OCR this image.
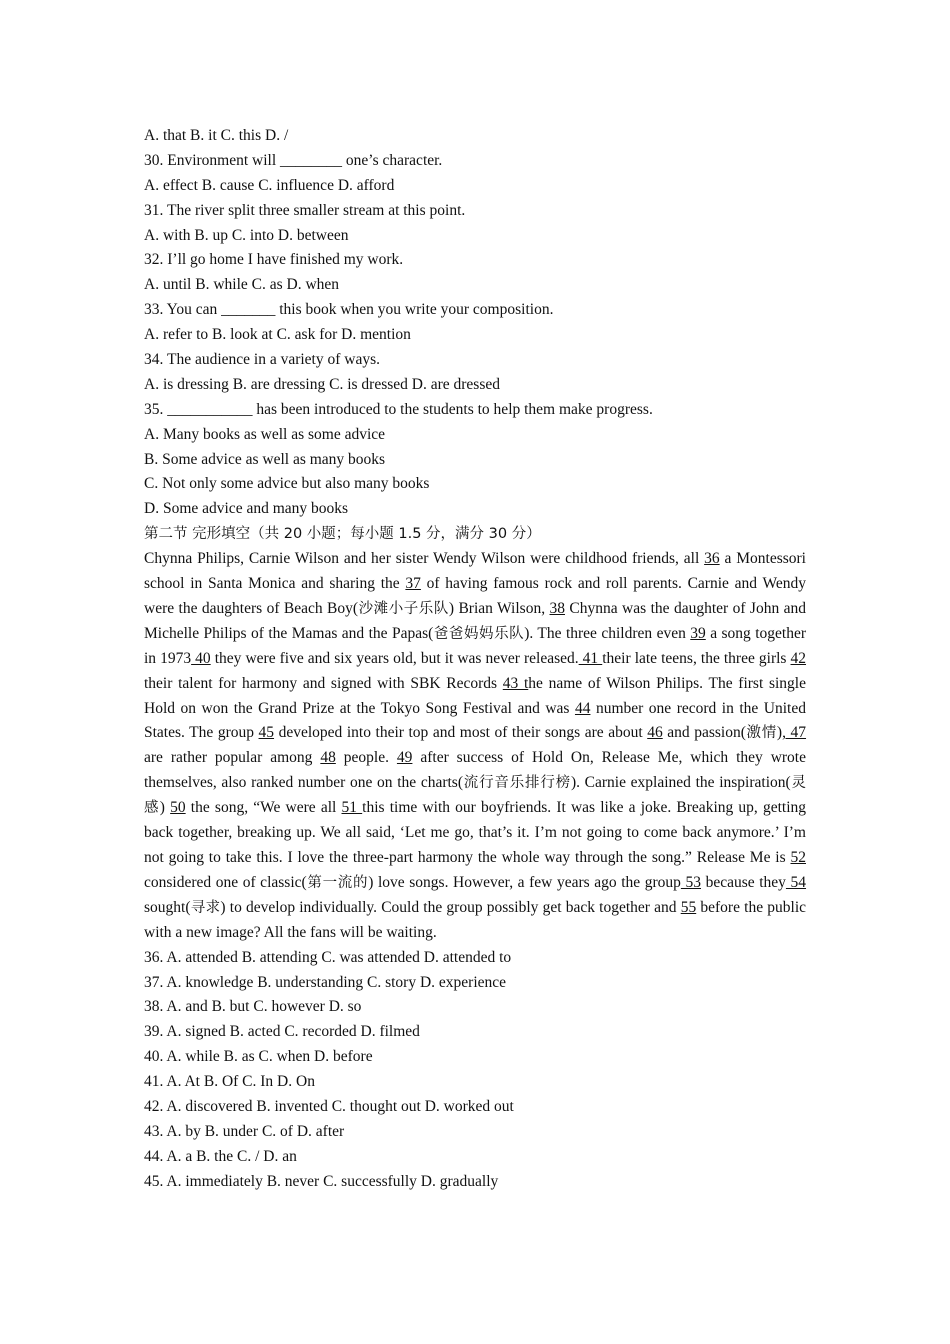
A. that B. it C. this D. /
30. Environment will ________ one’s character.
A. effect B. cause C. influence D. afford
31. The river split three smaller stream at this point.
A. with B. up C. into D. between
32. I’ll go home I have finished my work.
A. until B. while C. as D. when
33. You can _______ this book when you write your composition.
A. refer to B. look at C. ask for D. mention
34. The audience in a variety of ways.
A. is dressing B. are dressing C. is dressed D. are dressed
35. ___________ has been introduced to the students to help them make progress.
A. Many books as well as some advice
B. Some advice as well as many books
C. Not only some advice but also many books
D. Some advice and many books
第二节 完形填空（共 20 小题；每小题 1.5 分，满分 30 分）
Chynna Philips, Carnie Wilson and her sister Wendy Wilson were childhood friends, all 36 a Montessori school in Santa Monica and sharing the 37 of having famous rock and roll parents. Carnie and Wendy were the daughters of Beach Boy(沙滩小子乐队) Brian Wilson, 38 Chynna was the daughter of John and Michelle Philips of the Mamas and the Papas(爸爸妈妈乐队). The three children even 39 a song together in 1973 40 they were five and six years old, but it was never released. 41 their late teens, the three girls 42 their talent for harmony and signed with SBK Records 43 the name of Wilson Philips. The first single Hold on won the Grand Prize at the Tokyo Song Festival and was 44 number one record in the United States. The group 45 developed into their top and most of their songs are about 46 and passion(激情), 47 are rather popular among 48 people. 49 after success of Hold On, Release Me, which they wrote themselves, also ranked number one on the charts(流行音乐排行榜). Carnie explained the inspiration(灵感) 50 the song, “We were all 51 this time with our boyfriends. It was like a joke. Breaking up, getting back together, breaking up. We all said, ‘Let me go, that’s it. I’m not going to come back anymore.’ I’m not going to take this. I love the three-part harmony the whole way through the song.” Release Me is 52 considered one of classic(第一流的) love songs. However, a few years ago the group 53 because they 54 sought(寻求) to develop individually. Could the group possibly get back together and 55 before the public with a new image? All the fans will be waiting.
36. A. attended B. attending C. was attended D. attended to
37. A. knowledge B. understanding C. story D. experience
38. A. and B. but C. however D. so
39. A. signed B. acted C. recorded D. filmed
40. A. while B. as C. when D. before
41. A. At B. Of C. In D. On
42. A. discovered B. invented C. thought out D. worked out
43. A. by B. under C. of D. after
44. A. a B. the C. / D. an
45. A. immediately B. never C. successfully D. gradually
